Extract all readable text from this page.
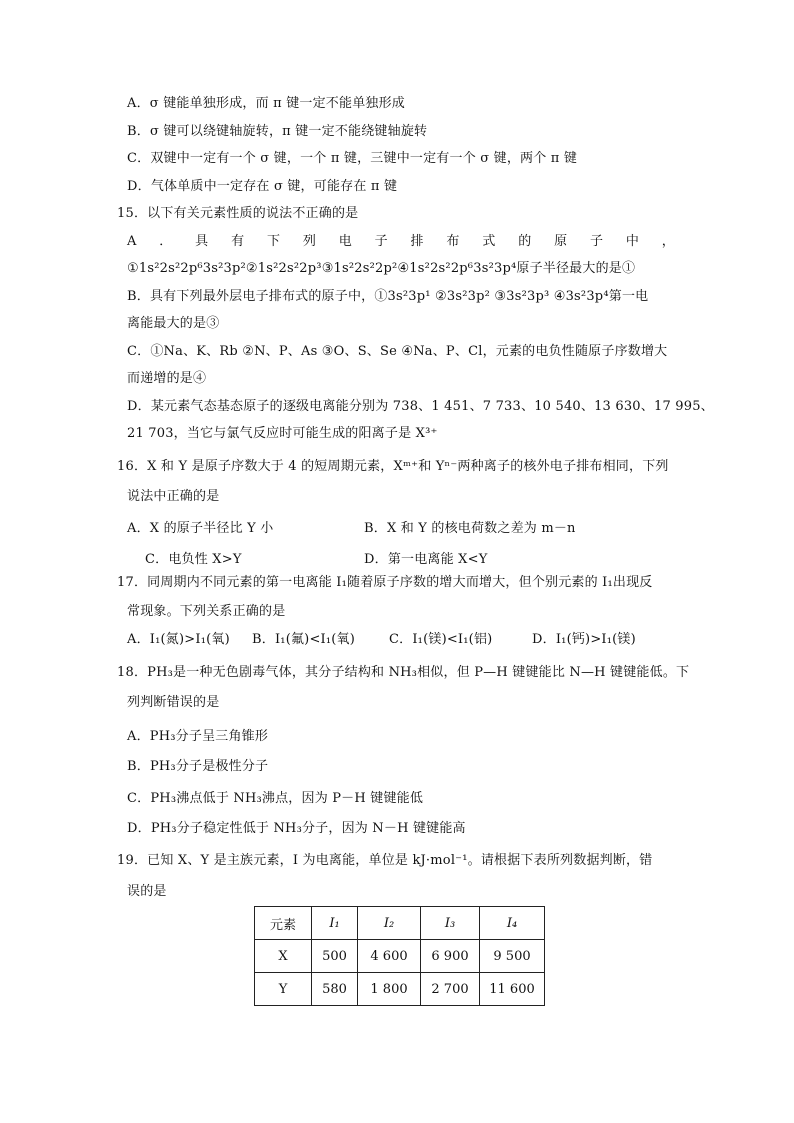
A．σ 键能单独形成，而 π 键一定不能单独形成
B．σ 键可以绕键轴旋转，π 键一定不能绕键轴旋转
C．双键中一定有一个 σ 键，一个 π 键，三键中一定有一个 σ 键，两个 π 键
D．气体单质中一定存在 σ 键，可能存在 π 键
15．以下有关元素性质的说法不正确的是
A．具有下列电子排布式的原子中，
①1s²2s²2p⁶3s²3p²②1s²2s²2p³③1s²2s²2p²④1s²2s²2p⁶3s²3p⁴原子半径最大的是①
B．具有下列最外层电子排布式的原子中，①3s²3p¹ ②3s²3p² ③3s²3p³ ④3s²3p⁴第一电
离能最大的是③
C．①Na、K、Rb ②N、P、As ③O、S、Se ④Na、P、Cl，元素的电负性随原子序数增大
而递增的是④
D．某元素气态基态原子的逐级电离能分别为 738、1 451、7 733、10 540、13 630、17 995、
21 703，当它与氯气反应时可能生成的阳离子是 X³⁺
16．X 和 Y 是原子序数大于 4 的短周期元素，Xᵐ⁺和 Yⁿ⁻两种离子的核外电子排布相同，下列
说法中正确的是
A．X 的原子半径比 Y 小	B．X 和 Y 的核电荷数之差为 m－n
C．电负性 X>Y	D．第一电离能 X<Y
17．同周期内不同元素的第一电离能 I₁随着原子序数的增大而增大，但个别元素的 I₁出现反
常现象。下列关系正确的是
A．I₁(氮)>I₁(氧) B．I₁(氟)<I₁(氧)	C．I₁(镁)<I₁(铝)	D．I₁(钙)>I₁(镁)
18．PH₃是一种无色剧毒气体，其分子结构和 NH₃相似，但 P—H 键键能比 N—H 键键能低。下
列判断错误的是
A．PH₃分子呈三角锥形
B．PH₃分子是极性分子
C．PH₃沸点低于 NH₃沸点，因为 P－H 键键能低
D．PH₃分子稳定性低于 NH₃分子，因为 N－H 键键能高
19．已知 X、Y 是主族元素，I 为电离能，单位是 kJ·mol⁻¹。请根据下表所列数据判断，错
误的是
元素	I₁	I₂	I₃	I₄
X	500	4 600	6 900	9 500
Y	580	1 800	2 700	11 600
